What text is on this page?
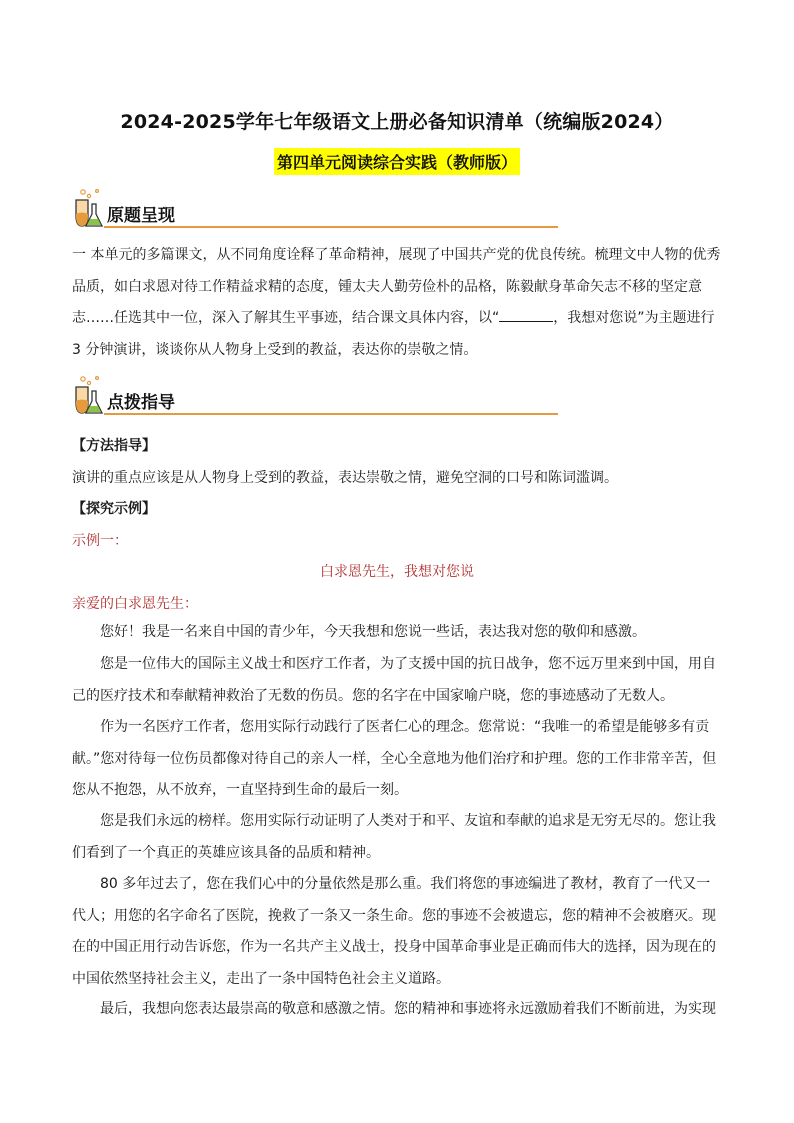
2024-2025学年七年级语文上册必备知识清单（统编版2024）
第四单元阅读综合实践（教师版）
原题呈现
一 本单元的多篇课文，从不同角度诠释了革命精神，展现了中国共产党的优良传统。梳理文中人物的优秀品质，如白求恩对待工作精益求精的态度，锺太夫人勤劳俭朴的品格，陈毅献身革命矢志不移的坚定意志……任选其中一位，深入了解其生平事迹，结合课文具体内容，以“	，我想对您说”为主题进行 3 分钟演讲，谈谈你从人物身上受到的教益，表达你的崇敬之情。
点拨指导
【方法指导】
演讲的重点应该是从人物身上受到的教益，表达崇敬之情，避免空洞的口号和陈词滥调。
【探究示例】
示例一：
白求恩先生，我想对您说
亲爱的白求恩先生：
您好！我是一名来自中国的青少年，今天我想和您说一些话，表达我对您的敬仰和感激。
您是一位伟大的国际主义战士和医疗工作者，为了支援中国的抗日战争，您不远万里来到中国，用自己的医疗技术和奉献精神救治了无数的伤员。您的名字在中国家喻户晓，您的事迹感动了无数人。
作为一名医疗工作者，您用实际行动践行了医者仁心的理念。您常说：“我唯一的希望是能够多有贡献。”您对待每一位伤员都像对待自己的亲人一样，全心全意地为他们治疗和护理。您的工作非常辛苦，但您从不抱怨，从不放弃，一直坚持到生命的最后一刻。
您是我们永远的榜样。您用实际行动证明了人类对于和平、友谊和奉献的追求是无穷无尽的。您让我们看到了一个真正的英雄应该具备的品质和精神。
80 多年过去了，您在我们心中的分量依然是那么重。我们将您的事迹编进了教材，教育了一代又一代人；用您的名字命名了医院，挽救了一条又一条生命。您的事迹不会被遗忘，您的精神不会被磨灭。现在的中国正用行动告诉您，作为一名共产主义战士，投身中国革命事业是正确而伟大的选择，因为现在的中国依然坚持社会主义，走出了一条中国特色社会主义道路。
最后，我想向您表达最崇高的敬意和感激之情。您的精神和事迹将永远激励着我们不断前进，为实现
